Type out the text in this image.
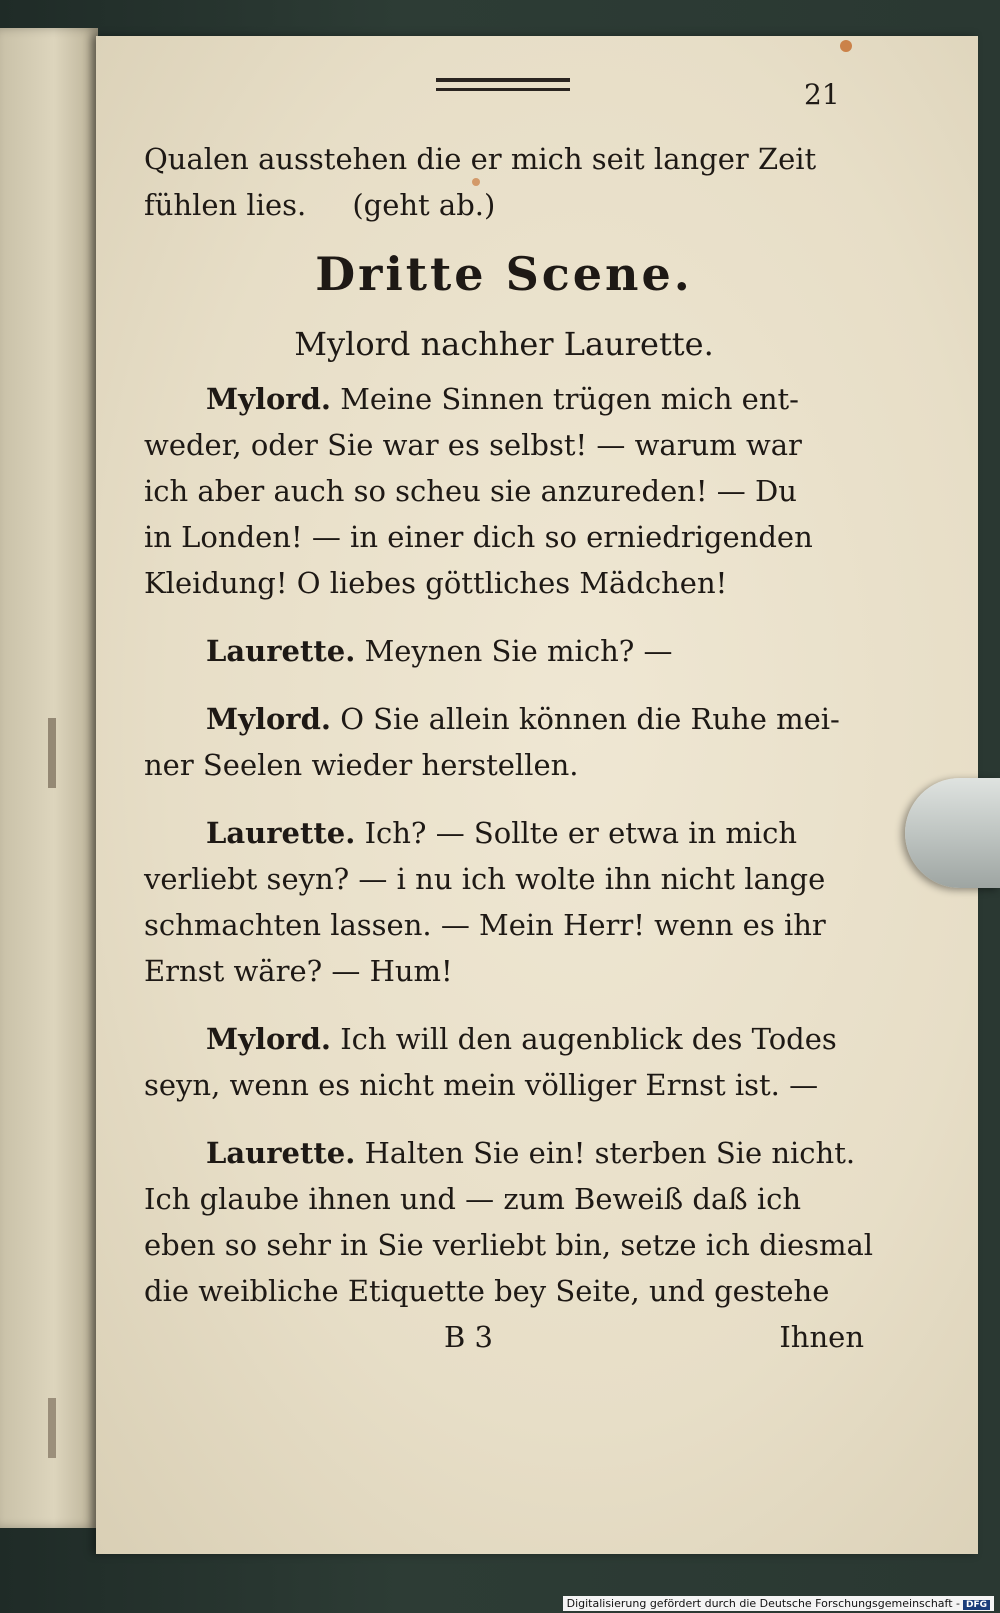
21
Qualen ausstehen die er mich seit langer Zeit
fühlen lies.     (geht ab.)
Dritte Scene.
Mylord nachher Laurette.
Mylord. Meine Sinnen trügen mich ent-
weder, oder Sie war es selbst! — warum war
ich aber auch so scheu sie anzureden! — Du
in Londen! — in einer dich so erniedrigenden
Kleidung! O liebes göttliches Mädchen!
Laurette. Meynen Sie mich? —
Mylord. O Sie allein können die Ruhe mei-
ner Seelen wieder herstellen.
Laurette. Ich? — Sollte er etwa in mich
verliebt seyn? — i nu ich wolte ihn nicht lange
schmachten lassen. — Mein Herr! wenn es ihr
Ernst wäre? — Hum!
Mylord. Ich will den augenblick des Todes
seyn, wenn es nicht mein völliger Ernst ist. —
Laurette. Halten Sie ein! sterben Sie nicht.
Ich glaube ihnen und — zum Beweiß daß ich
eben so sehr in Sie verliebt bin, setze ich diesmal
die weibliche Etiquette bey Seite, und gestehe
B 3	Ihnen
Digitalisierung gefördert durch die Deutsche Forschungsgemeinschaft - DFG
